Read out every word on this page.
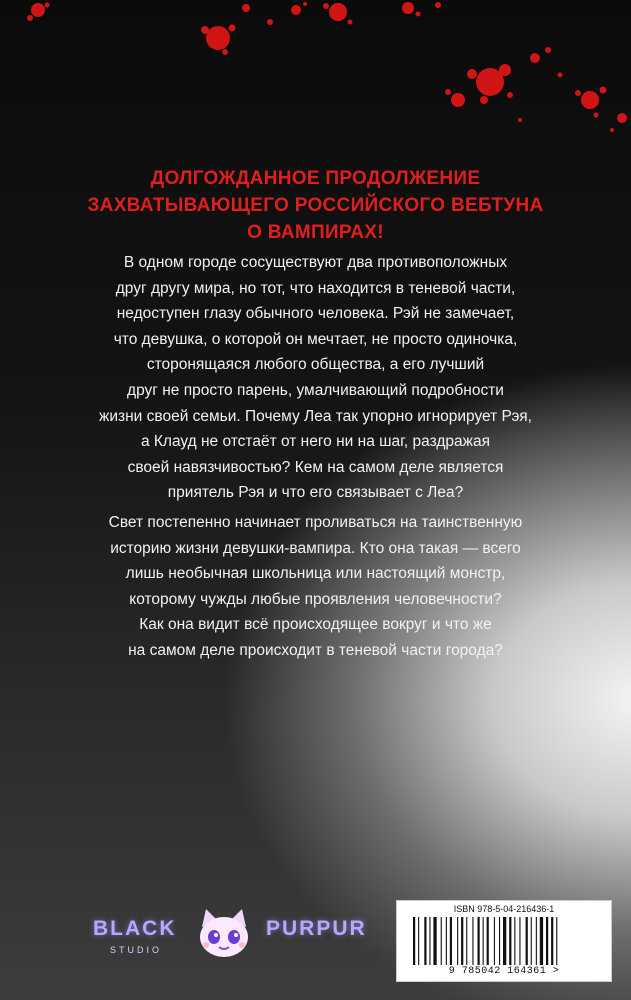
ДОЛГОЖДАННОЕ ПРОДОЛЖЕНИЕ
ЗАХВАТЫВАЮЩЕГО РОССИЙСКОГО ВЕБТУНА
О ВАМПИРАХ!
В одном городе сосуществуют два противоположных
друг другу мира, но тот, что находится в теневой части,
недоступен глазу обычного человека. Рэй не замечает,
что девушка, о которой он мечтает, не просто одиночка,
сторонящаяся любого общества, а его лучший
друг не просто парень, умалчивающий подробности
жизни своей семьи. Почему Леа так упорно игнорирует Рэя,
а Клауд не отстаёт от него ни на шаг, раздражая
своей навязчивостью? Кем на самом деле является
приятель Рэя и что его связывает с Леа?
Свет постепенно начинает проливаться на таинственную
историю жизни девушки-вампира. Кто она такая — всего
лишь необычная школьница или настоящий монстр,
которому чужды любые проявления человечности?
Как она видит всё происходящее вокруг и что же
на самом деле происходит в теневой части города?
BLACK	PURPUR
STUDIO
ISBN 978-5-04-216436-1
9 785042 164361 >
